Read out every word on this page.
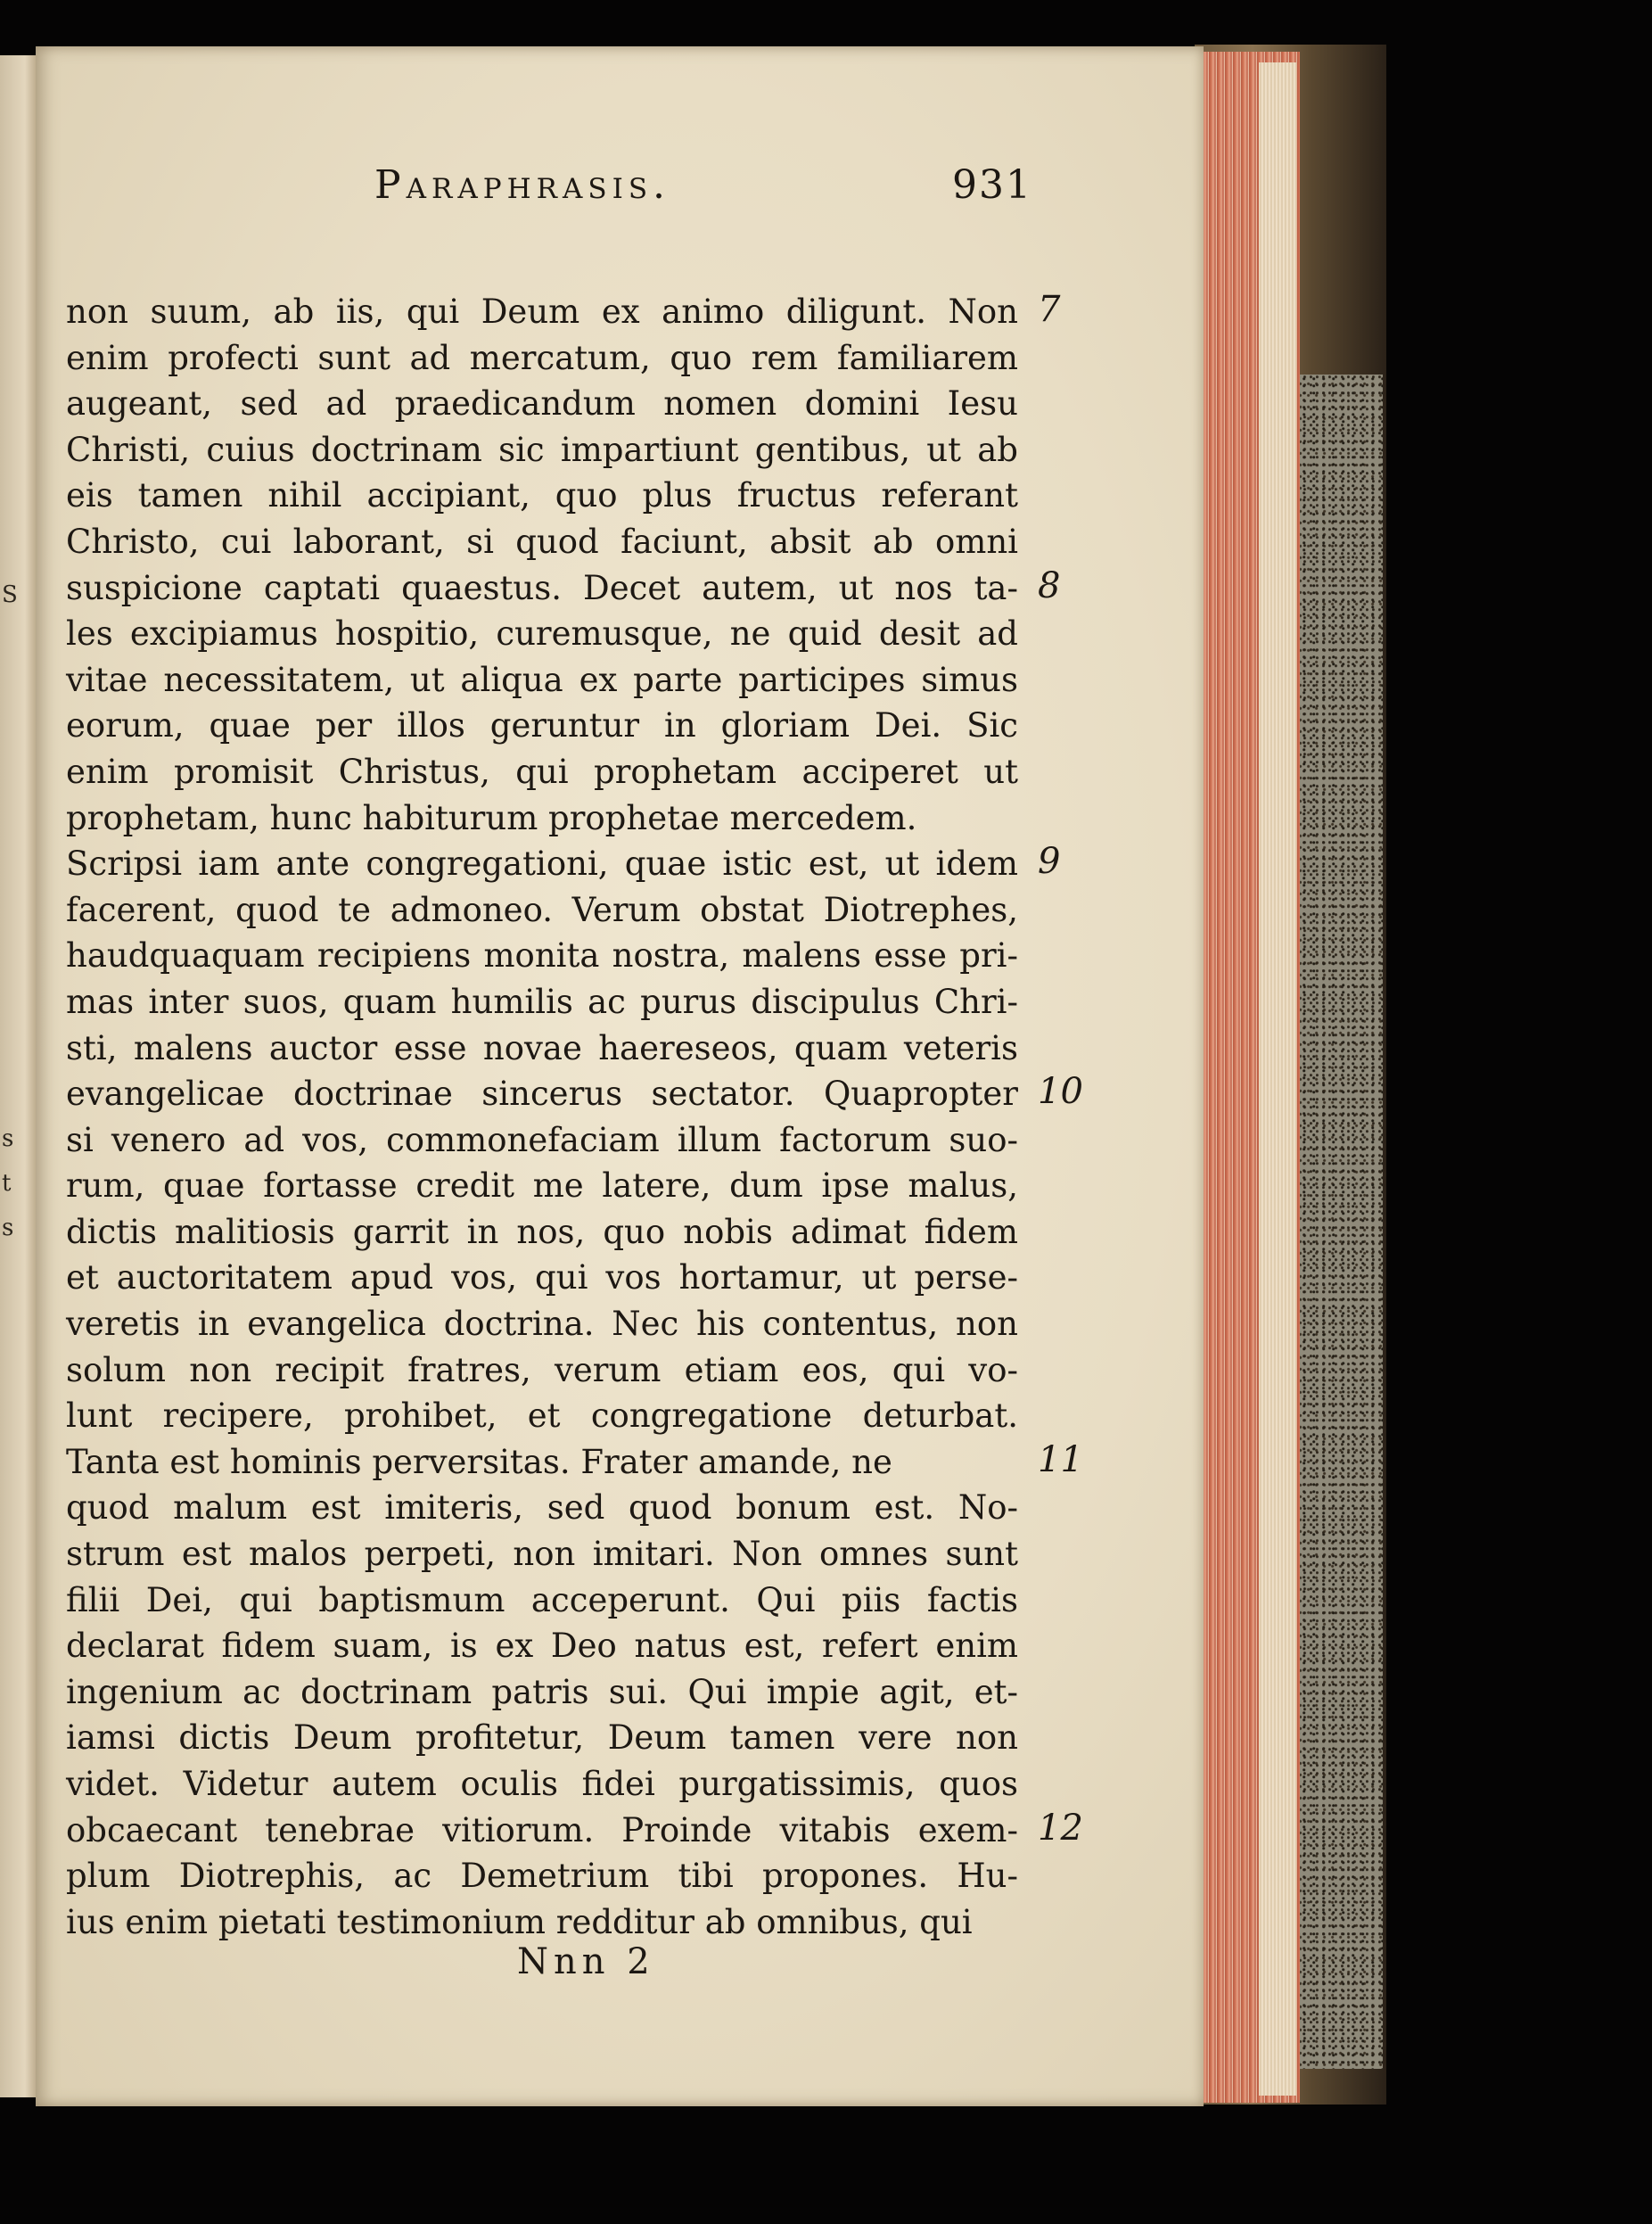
S
s
t
s
Paraphrasis.	931
non suum, ab iis, qui Deum ex animo diligunt. Non
enim profecti sunt ad mercatum, quo rem familiarem
augeant, sed ad praedicandum nomen domini Iesu
Christi, cuius doctrinam sic impartiunt gentibus, ut ab
eis tamen nihil accipiant, quo plus fructus referant
Christo, cui laborant, si quod faciunt, absit ab omni
suspicione captati quaestus. Decet autem, ut nos ta-
les excipiamus hospitio, curemusque, ne quid desit ad
vitae necessitatem, ut aliqua ex parte participes simus
eorum, quae per illos geruntur in gloriam Dei. Sic
enim promisit Christus, qui prophetam acciperet ut
prophetam, hunc habiturum prophetae mercedem.
Scripsi iam ante congregationi, quae istic est, ut idem
facerent, quod te admoneo. Verum obstat Diotrephes,
haudquaquam recipiens monita nostra, malens esse pri-
mas inter suos, quam humilis ac purus discipulus Chri-
sti, malens auctor esse novae haereseos, quam veteris
evangelicae doctrinae sincerus sectator. Quapropter
si venero ad vos, commonefaciam illum factorum suo-
rum, quae fortasse credit me latere, dum ipse malus,
dictis malitiosis garrit in nos, quo nobis adimat fidem
et auctoritatem apud vos, qui vos hortamur, ut perse-
veretis in evangelica doctrina. Nec his contentus, non
solum non recipit fratres, verum etiam eos, qui vo-
lunt recipere, prohibet, et congregatione deturbat.
Tanta est hominis perversitas. Frater amande, ne
quod malum est imiteris, sed quod bonum est. No-
strum est malos perpeti, non imitari. Non omnes sunt
filii Dei, qui baptismum acceperunt. Qui piis factis
declarat fidem suam, is ex Deo natus est, refert enim
ingenium ac doctrinam patris sui. Qui impie agit, et-
iamsi dictis Deum profitetur, Deum tamen vere non
videt. Videtur autem oculis fidei purgatissimis, quos
obcaecant tenebrae vitiorum. Proinde vitabis exem-
plum Diotrephis, ac Demetrium tibi propones. Hu-
ius enim pietati testimonium redditur ab omnibus, qui
7
8
9
10
11
12
Nnn 2
